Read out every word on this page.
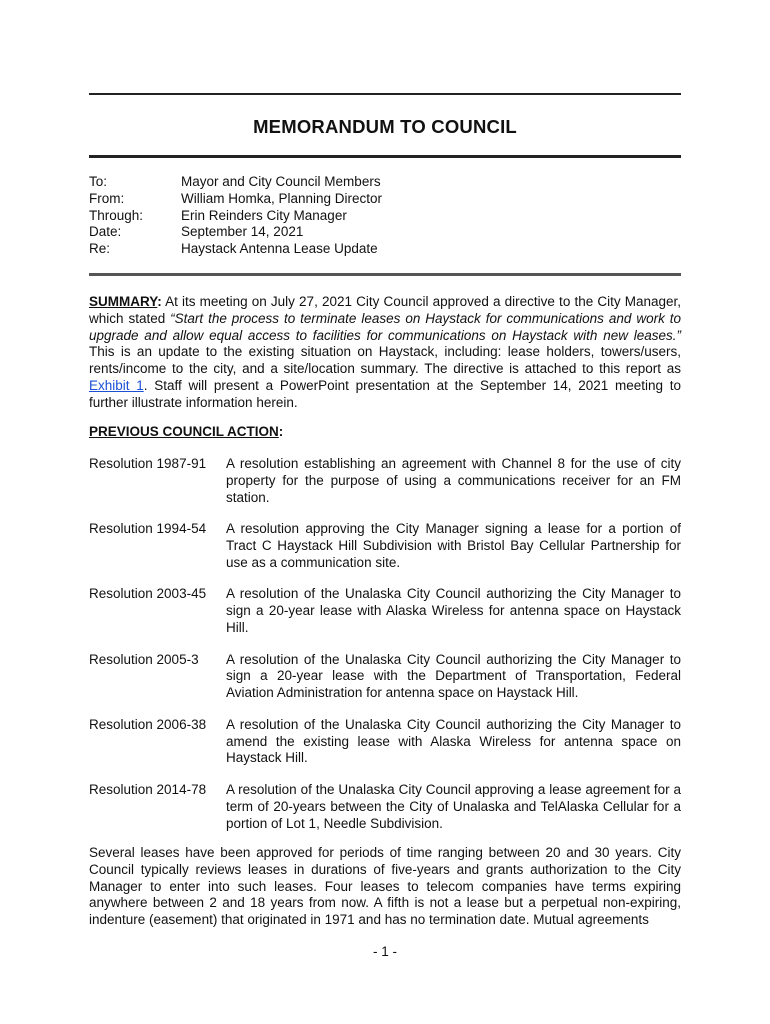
MEMORANDUM TO COUNCIL
To:	Mayor and City Council Members
From:	William Homka, Planning Director
Through:	Erin Reinders City Manager
Date:	September 14, 2021
Re:	Haystack Antenna Lease Update
SUMMARY: At its meeting on July 27, 2021 City Council approved a directive to the City Manager, which stated “Start the process to terminate leases on Haystack for communications and work to upgrade and allow equal access to facilities for communications on Haystack with new leases.” This is an update to the existing situation on Haystack, including: lease holders, towers/users, rents/income to the city, and a site/location summary. The directive is attached to this report as Exhibit 1. Staff will present a PowerPoint presentation at the September 14, 2021 meeting to further illustrate information herein.
PREVIOUS COUNCIL ACTION:
Resolution 1987-91	A resolution establishing an agreement with Channel 8 for the use of city property for the purpose of using a communications receiver for an FM station.
Resolution 1994-54	A resolution approving the City Manager signing a lease for a portion of Tract C Haystack Hill Subdivision with Bristol Bay Cellular Partnership for use as a communication site.
Resolution 2003-45	A resolution of the Unalaska City Council authorizing the City Manager to sign a 20-year lease with Alaska Wireless for antenna space on Haystack Hill.
Resolution 2005-3	A resolution of the Unalaska City Council authorizing the City Manager to sign a 20-year lease with the Department of Transportation, Federal Aviation Administration for antenna space on Haystack Hill.
Resolution 2006-38	A resolution of the Unalaska City Council authorizing the City Manager to amend the existing lease with Alaska Wireless for antenna space on Haystack Hill.
Resolution 2014-78	A resolution of the Unalaska City Council approving a lease agreement for a term of 20-years between the City of Unalaska and TelAlaska Cellular for a portion of Lot 1, Needle Subdivision.
Several leases have been approved for periods of time ranging between 20 and 30 years. City Council typically reviews leases in durations of five-years and grants authorization to the City Manager to enter into such leases. Four leases to telecom companies have terms expiring anywhere between 2 and 18 years from now. A fifth is not a lease but a perpetual non-expiring, indenture (easement) that originated in 1971 and has no termination date. Mutual agreements
- 1 -
